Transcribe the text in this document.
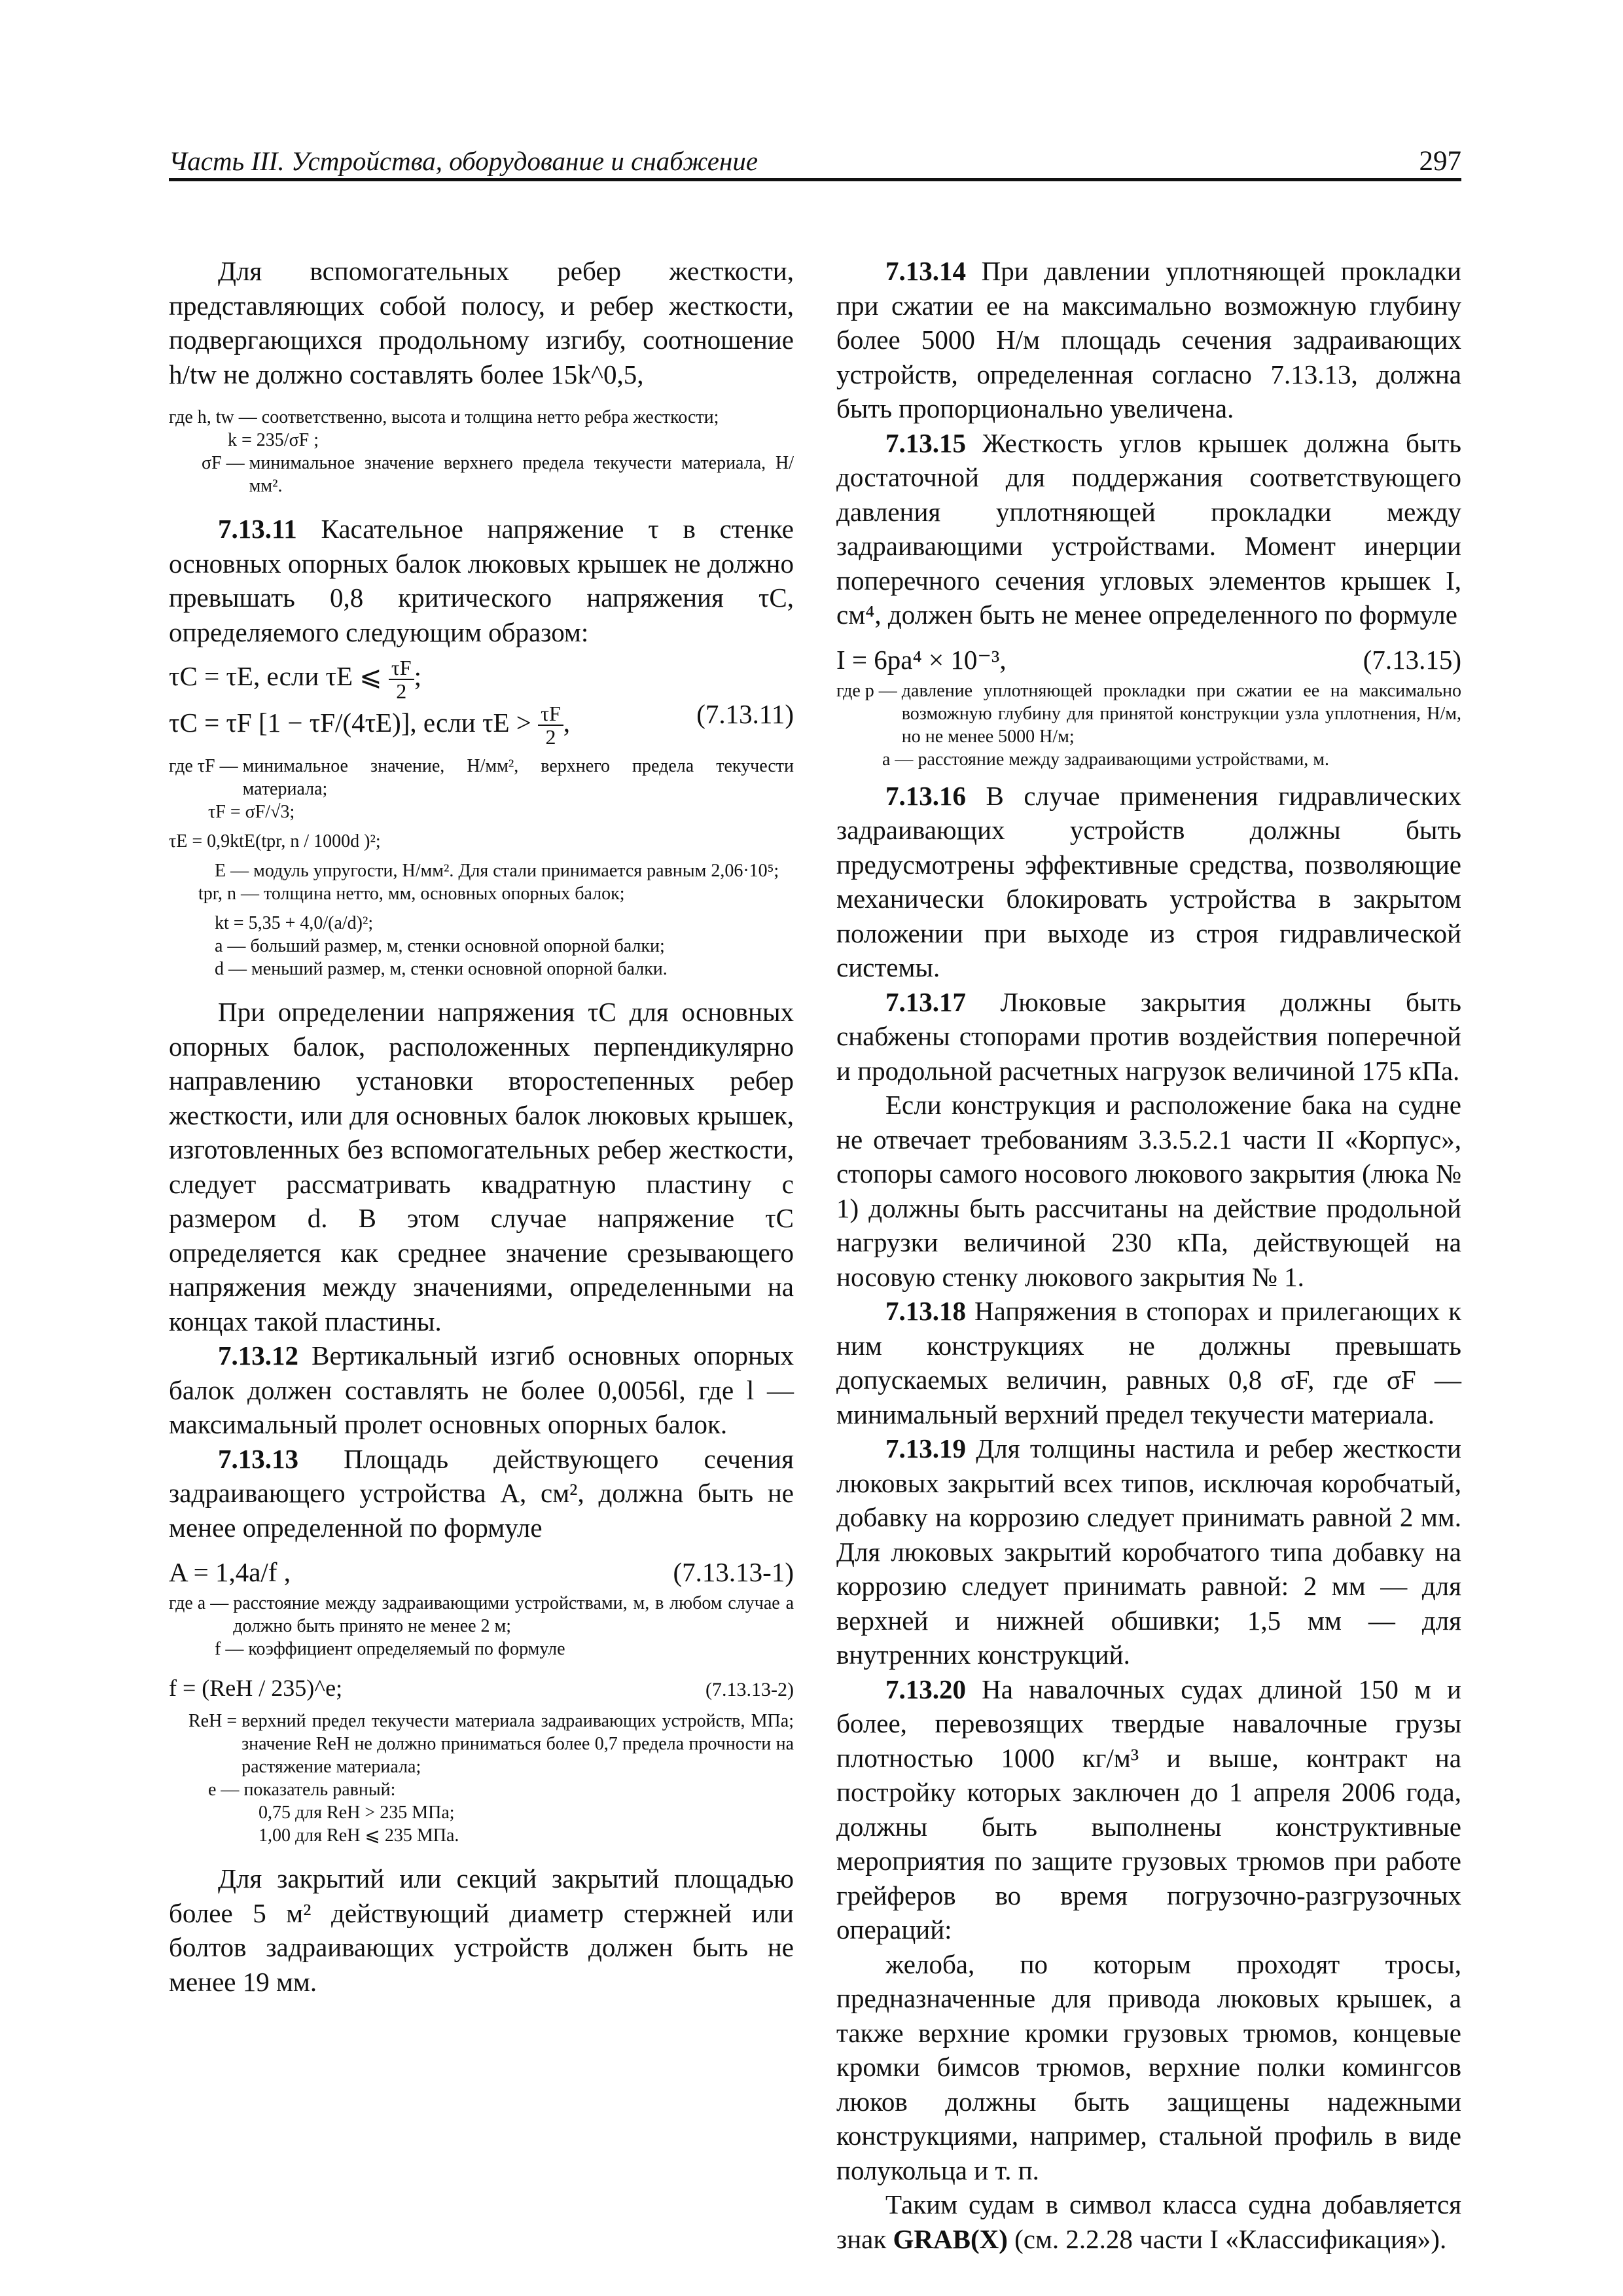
Часть III. Устройства, оборудование и снабжение	297

Для вспомогательных ребер жесткости, представляющих собой полосу, и ребер жесткости, подвергающихся продольному изгибу, соотношение h/tw не должно составлять более 15k^0,5,

где h, tw —
соответственно, высота и толщина нетто ребра жесткости;
k =
235/σF ;
σF —
минимальное значение верхнего предела текучести материала, Н/мм².

7.13.11 Касательное напряжение τ в стенке основных опорных балок люковых крышек не должно превышать 0,8 критического напряжения τC, определяемого следующим образом:

τC = τE, если τE ⩽ $\frac{\tau F}{2}$ ;
τC = τF [1 − τF/(4τE)], если $\tau E > \frac{\tau F}{2}$ ,	(7.13.11)
где τF —
минимальное значение, Н/мм², верхнего предела текучести материала;
τF =
σF/√3;
τE = 0,9ktE( tpr, n / 1000d )²;
E —
модуль упругости, Н/мм². Для стали принимается равным 2,06·10⁵;
tpr, n —
толщина нетто, мм, основных опорных балок;
kt =
5,35 + 4,0/(a/d)²;
a —
больший размер, м, стенки основной опорной балки;
d —
меньший размер, м, стенки основной опорной балки.

При определении напряжения τC для основных опорных балок, расположенных перпендикулярно направлению установки второстепенных ребер жесткости, или для основных балок люковых крышек, изготовленных без вспомогательных ребер жесткости, следует рассматривать квадратную пластину с размером d. В этом случае напряжение τC определяется как среднее значение срезывающего напряжения между значениями, определенными на концах такой пластины.

7.13.12 Вертикальный изгиб основных опорных балок должен составлять не более 0,0056l, где l — максимальный пролет основных опорных балок.

7.13.13 Площадь действующего сечения задраивающего устройства A, см², должна быть не менее определенной по формуле

A = 1,4a/f ,	(7.13.13-1)
где a —
расстояние между задраивающими устройствами, м, в любом случае a должно быть принято не менее 2 м;
f —
коэффициент определяемый по формуле
f = (ReH / 235)^e;	(7.13.13-2)
ReH =
верхний предел текучести материала задраивающих устройств, МПа; значение ReH не должно приниматься более 0,7 предела прочности на растяжение материала;
e —
показатель равный:

0,75 для ReH > 235 МПа;

1,00 для ReH ⩽ 235 МПа.

Для закрытий или секций закрытий площадью более 5 м² действующий диаметр стержней или болтов задраивающих устройств должен быть не менее 19 мм.

7.13.14 При давлении уплотняющей прокладки при сжатии ее на максимально возможную глубину более 5000 Н/м площадь сечения задраивающих устройств, определенная согласно 7.13.13, должна быть пропорционально увеличена.

7.13.15 Жесткость углов крышек должна быть достаточной для поддержания соответствующего давления уплотняющей прокладки между задраивающими устройствами. Момент инерции поперечного сечения угловых элементов крышек I, см⁴, должен быть не менее определенного по формуле

I = 6pa⁴ × 10⁻³,	(7.13.15)
где p —
давление уплотняющей прокладки при сжатии ее на максимально возможную глубину для принятой конструкции узла уплотнения, Н/м, но не менее 5000 Н/м;
a —
расстояние между задраивающими устройствами, м.

7.13.16 В случае применения гидравлических задраивающих устройств должны быть предусмотрены эффективные средства, позволяющие механически блокировать устройства в закрытом положении при выходе из строя гидравлической системы.

7.13.17 Люковые закрытия должны быть снабжены стопорами против воздействия поперечной и продольной расчетных нагрузок величиной 175 кПа.

Если конструкция и расположение бака на судне не отвечает требованиям 3.3.5.2.1 части II «Корпус», стопоры самого носового люкового закрытия (люка № 1) должны быть рассчитаны на действие продольной нагрузки величиной 230 кПа, действующей на носовую стенку люкового закрытия № 1.

7.13.18 Напряжения в стопорах и прилегающих к ним конструкциях не должны превышать допускаемых величин, равных 0,8 σF, где σF — минимальный верхний предел текучести материала.

7.13.19 Для толщины настила и ребер жесткости люковых закрытий всех типов, исключая коробчатый, добавку на коррозию следует принимать равной 2 мм. Для люковых закрытий коробчатого типа добавку на коррозию следует принимать равной: 2 мм — для верхней и нижней обшивки; 1,5 мм — для внутренних конструкций.

7.13.20 На навалочных судах длиной 150 м и более, перевозящих твердые навалочные грузы плотностью 1000 кг/м³ и выше, контракт на постройку которых заключен до 1 апреля 2006 года, должны быть выполнены конструктивные мероприятия по защите грузовых трюмов при работе грейферов во время погрузочно-разгрузочных операций:

желоба, по которым проходят тросы, предназначенные для привода люковых крышек, а также верхние кромки грузовых трюмов, концевые кромки бимсов трюмов, верхние полки комингсов люков должны быть защищены надежными конструкциями, например, стальной профиль в виде полукольца и т. п.

Таким судам в символ класса судна добавляется знак GRAB(X) (см. 2.2.28 части I «Классификация»).
